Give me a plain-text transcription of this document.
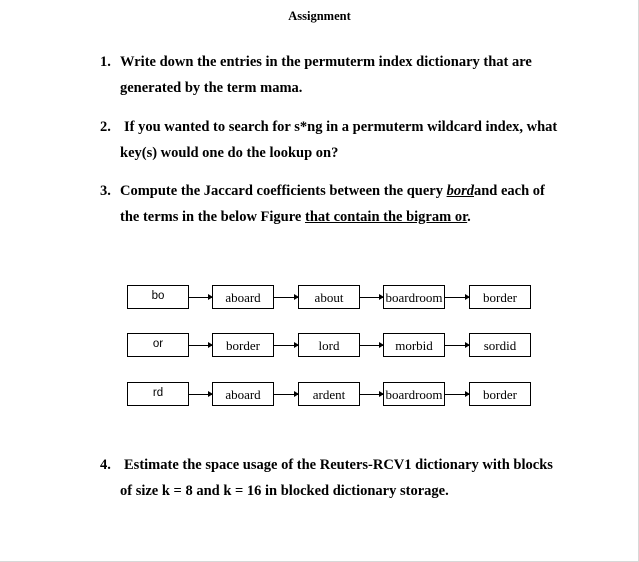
Assignment
1. Write down the entries in the permuterm index dictionary that are
generated by the term mama.
2. If you wanted to search for s*ng in a permuterm wildcard index, what
key(s) would one do the lookup on?
3. Compute the Jaccard coefficients between the query bordand each of
the terms in the below Figure that contain the bigram or.
bo	aboard	about	boardroom	border
or	border	lord	morbid	sordid
rd	aboard	ardent	boardroom	border
4. Estimate the space usage of the Reuters-RCV1 dictionary with blocks
of size k = 8 and k = 16 in blocked dictionary storage.
